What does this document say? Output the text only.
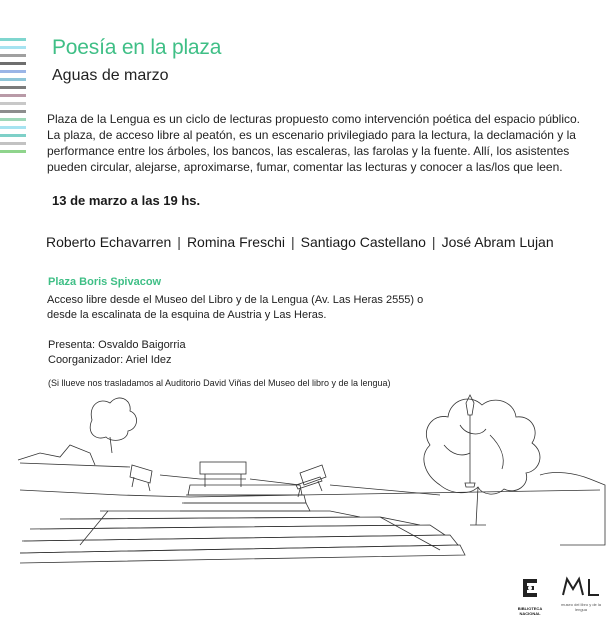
Poesía en la plaza
Aguas de marzo

Plaza de la Lengua es un ciclo de lecturas propuesto como intervención poética del espacio público. La plaza, de acceso libre al peatón, es un escenario privilegiado para la lectura, la declamación y la performance entre los árboles, los bancos, las escaleras, las farolas y la fuente. Allí, los asistentes pueden circular, alejarse, aproximarse, fumar, comentar las lecturas y conocer a las/los que leen.

13 de marzo a las 19 hs.

Roberto Echavarren | Romina Freschi | Santiago Castellano | José Abram Lujan

Plaza Boris Spivacow

Acceso libre desde el Museo del Libro y de la Lengua (Av. Las Heras 2555) o desde la escalinata de la esquina de Austria y Las Heras.

Presenta: Osvaldo Baigorria
Coorganizador: Ariel Idez

(Si llueve nos trasladamos al Auditorio David Viñas del Museo del libro y de la lengua)

BIBLIOTECA NACIONAL
museo del libro y de la lengua
